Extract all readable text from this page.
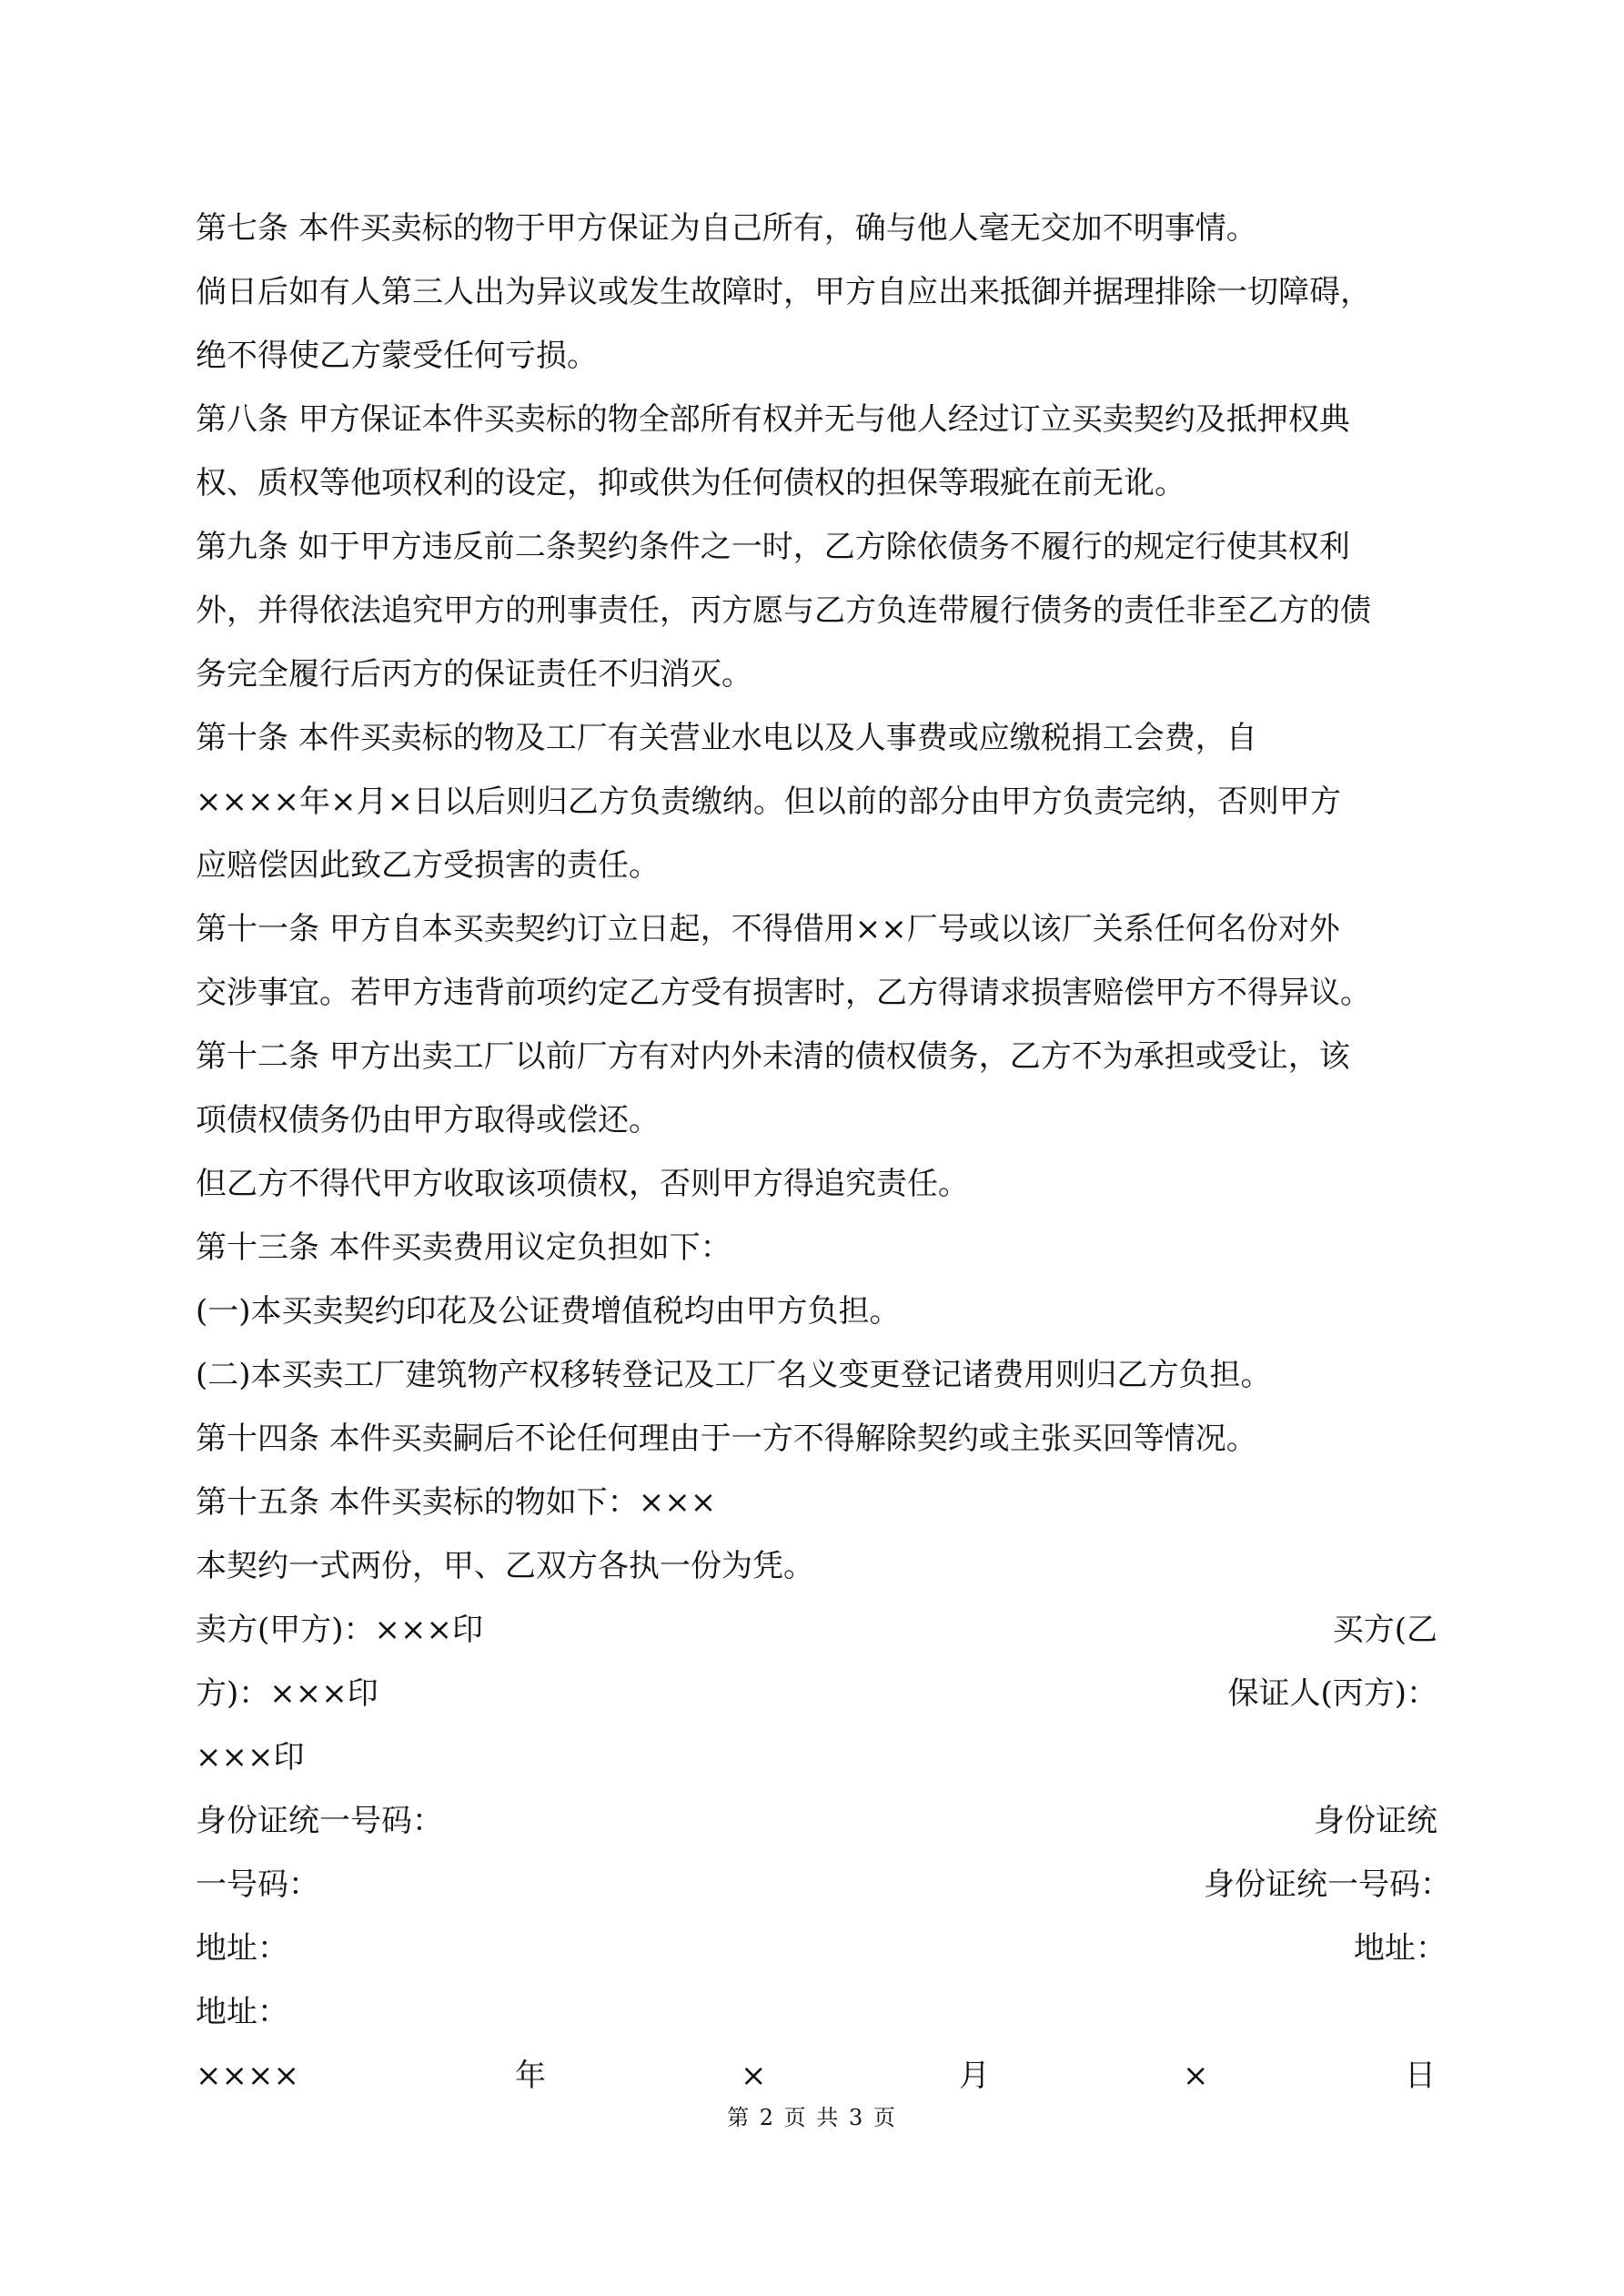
第七条 本件买卖标的物于甲方保证为自己所有，确与他人毫无交加不明事情。
倘日后如有人第三人出为异议或发生故障时，甲方自应出来抵御并据理排除一切障碍，
绝不得使乙方蒙受任何亏损。
第八条 甲方保证本件买卖标的物全部所有权并无与他人经过订立买卖契约及抵押权典
权、质权等他项权利的设定，抑或供为任何债权的担保等瑕疵在前无讹。
第九条 如于甲方违反前二条契约条件之一时，乙方除依债务不履行的规定行使其权利
外，并得依法追究甲方的刑事责任，丙方愿与乙方负连带履行债务的责任非至乙方的债
务完全履行后丙方的保证责任不归消灭。
第十条 本件买卖标的物及工厂有关营业水电以及人事费或应缴税捐工会费，自
××××年×月×日以后则归乙方负责缴纳。但以前的部分由甲方负责完纳，否则甲方
应赔偿因此致乙方受损害的责任。
第十一条 甲方自本买卖契约订立日起，不得借用××厂号或以该厂关系任何名份对外
交涉事宜。若甲方违背前项约定乙方受有损害时，乙方得请求损害赔偿甲方不得异议。
第十二条 甲方出卖工厂以前厂方有对内外未清的债权债务，乙方不为承担或受让，该
项债权债务仍由甲方取得或偿还。
但乙方不得代甲方收取该项债权，否则甲方得追究责任。
第十三条 本件买卖费用议定负担如下：
(一)本买卖契约印花及公证费增值税均由甲方负担。
(二)本买卖工厂建筑物产权移转登记及工厂名义变更登记诸费用则归乙方负担。
第十四条 本件买卖嗣后不论任何理由于一方不得解除契约或主张买回等情况。
第十五条 本件买卖标的物如下：×××
本契约一式两份，甲、乙双方各执一份为凭。
卖方(甲方)：×××印	买方(乙
方)：×××印	保证人(丙方)：
×××印
身份证统一号码：	身份证统
一号码：	身份证统一号码：
地址：	地址：
地址：
××××	年	×	月	×	日
第 2 页 共 3 页
